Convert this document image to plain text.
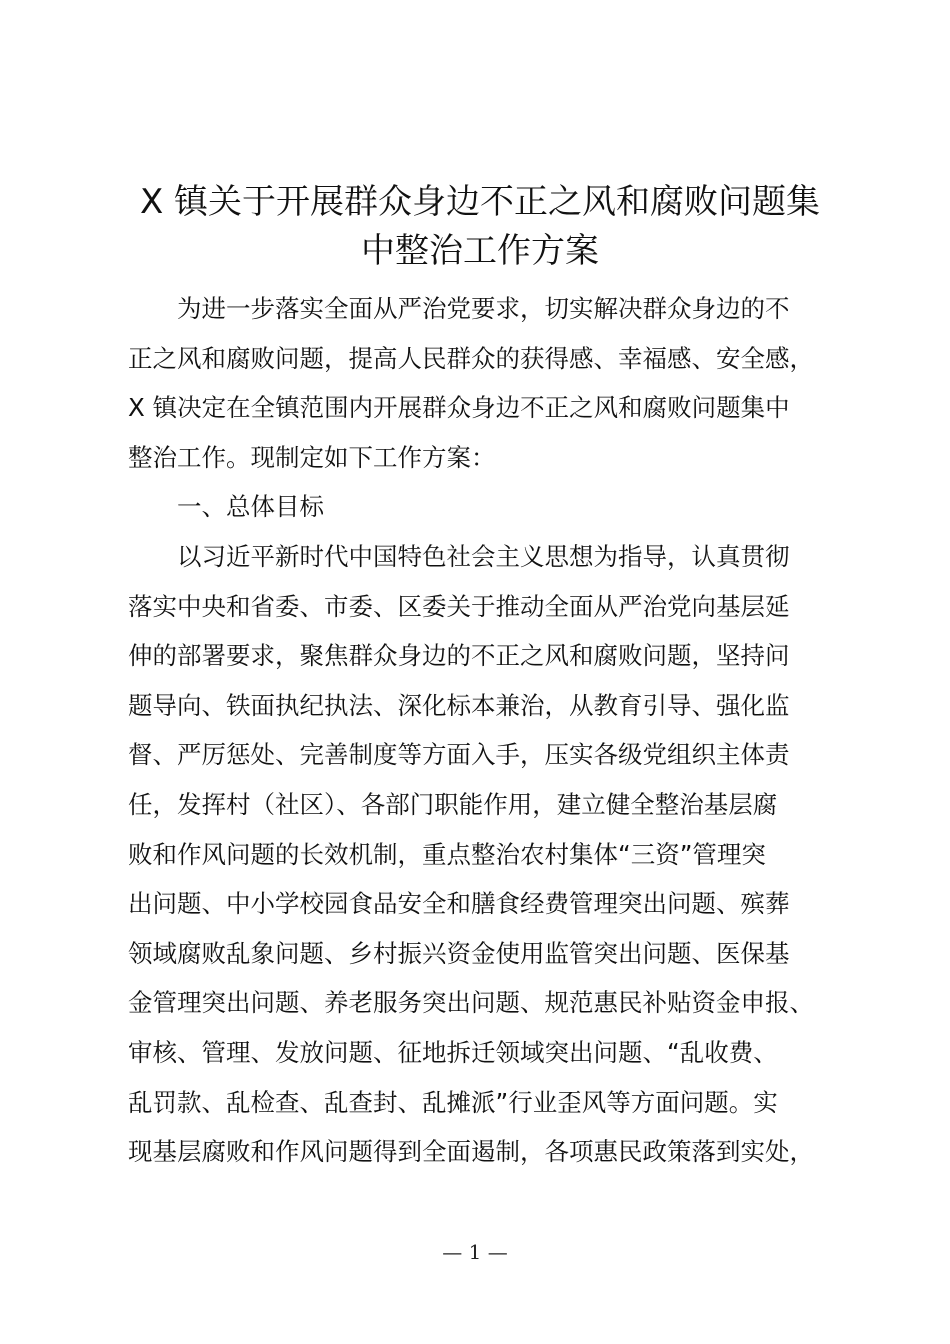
X 镇关于开展群众身边不正之风和腐败问题集
中整治工作方案
为进一步落实全面从严治党要求，切实解决群众身边的不
正之风和腐败问题，提高人民群众的获得感、幸福感、安全感，
X 镇决定在全镇范围内开展群众身边不正之风和腐败问题集中
整治工作。现制定如下工作方案：
一、总体目标
以习近平新时代中国特色社会主义思想为指导，认真贯彻
落实中央和省委、市委、区委关于推动全面从严治党向基层延
伸的部署要求，聚焦群众身边的不正之风和腐败问题，坚持问
题导向、铁面执纪执法、深化标本兼治，从教育引导、强化监
督、严厉惩处、完善制度等方面入手，压实各级党组织主体责
任，发挥村（社区）、各部门职能作用，建立健全整治基层腐
败和作风问题的长效机制，重点整治农村集体“三资”管理突
出问题、中小学校园食品安全和膳食经费管理突出问题、殡葬
领域腐败乱象问题、乡村振兴资金使用监管突出问题、医保基
金管理突出问题、养老服务突出问题、规范惠民补贴资金申报、
审核、管理、发放问题、征地拆迁领域突出问题、“乱收费、
乱罚款、乱检查、乱查封、乱摊派”行业歪风等方面问题。实
现基层腐败和作风问题得到全面遏制，各项惠民政策落到实处，
— 1 —
